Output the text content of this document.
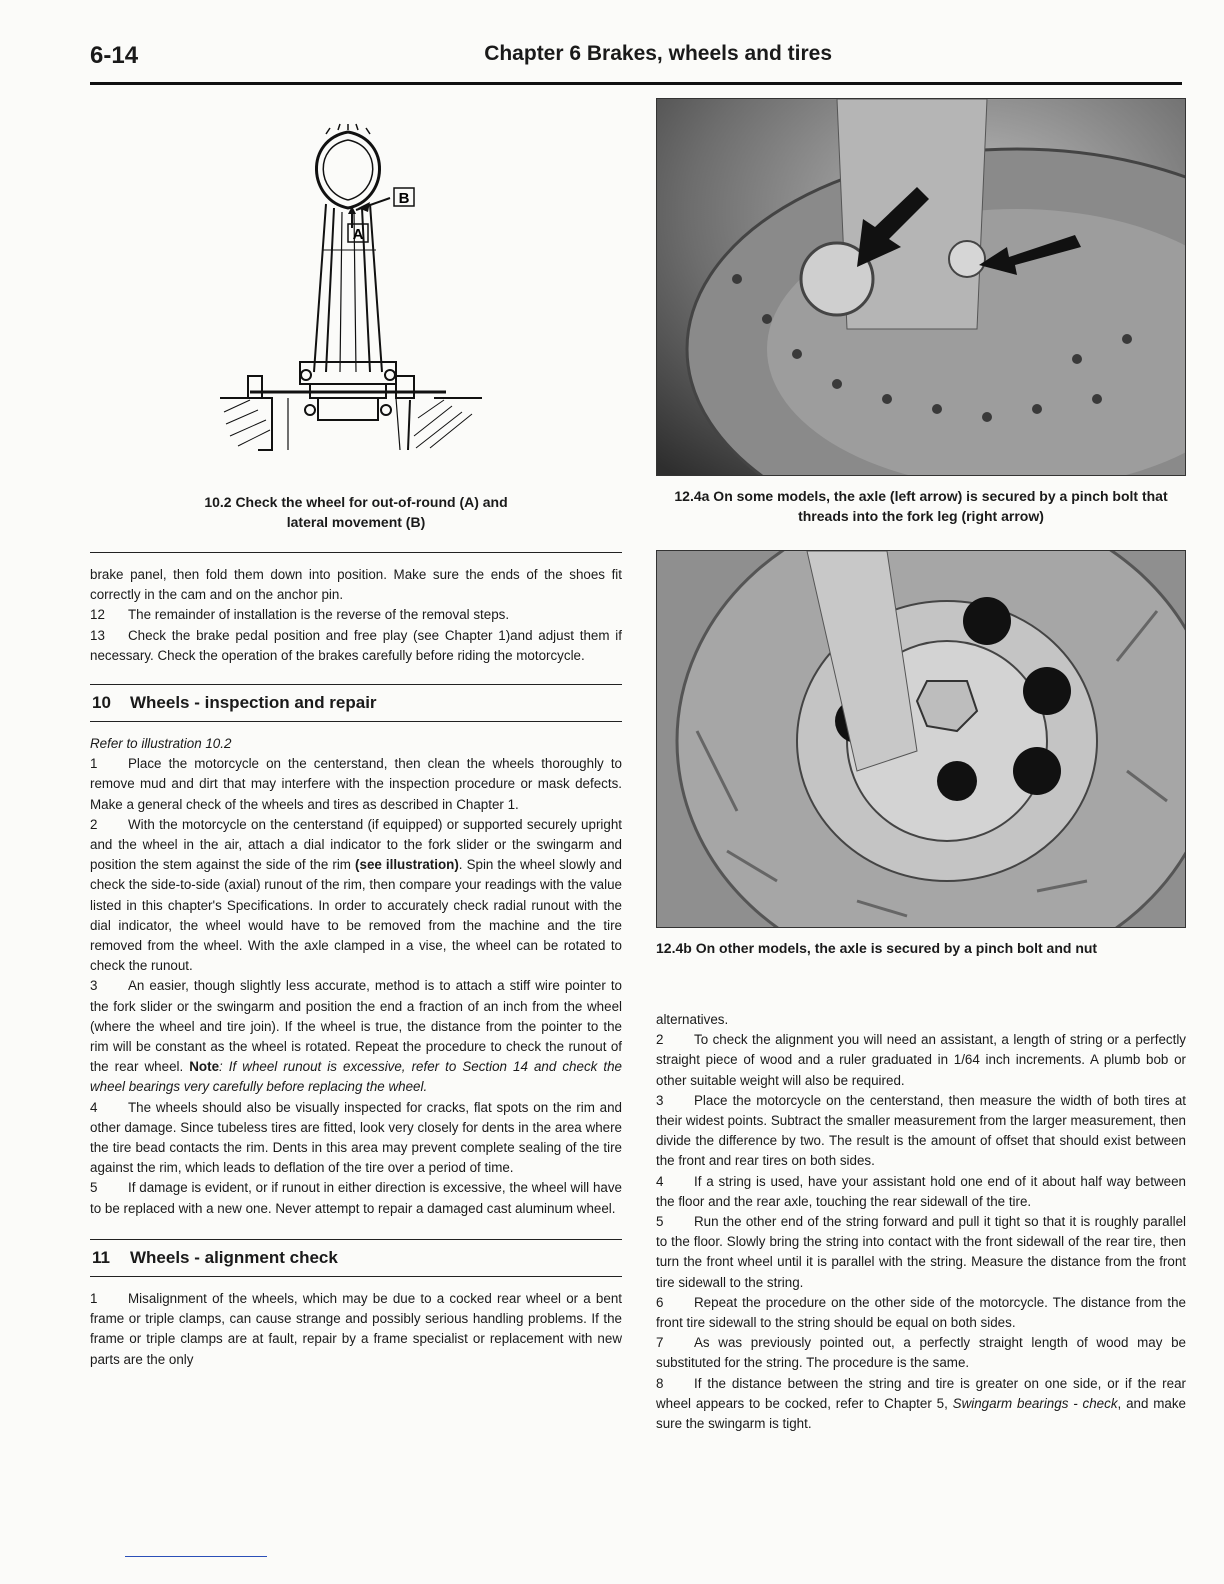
6-14	Chapter 6 Brakes, wheels and tires
B
A
10.2 Check the wheel for out-of-round (A) and
lateral movement (B)

brake panel, then fold them down into position. Make sure the ends of the shoes fit correctly in the cam and on the anchor pin.

12 The remainder of installation is the reverse of the removal steps.

13 Check the brake pedal position and free play (see Chapter 1)and adjust them if necessary. Check the operation of the brakes carefully before riding the motorcycle.

10 Wheels - inspection and repair

Refer to illustration 10.2

1 Place the motorcycle on the centerstand, then clean the wheels thoroughly to remove mud and dirt that may interfere with the inspection procedure or mask defects. Make a general check of the wheels and tires as described in Chapter 1.

2 With the motorcycle on the centerstand (if equipped) or supported securely upright and the wheel in the air, attach a dial indicator to the fork slider or the swingarm and position the stem against the side of the rim (see illustration). Spin the wheel slowly and check the side-to-side (axial) runout of the rim, then compare your readings with the value listed in this chapter's Specifications. In order to accurately check radial runout with the dial indicator, the wheel would have to be removed from the machine and the tire removed from the wheel. With the axle clamped in a vise, the wheel can be rotated to check the runout.

3 An easier, though slightly less accurate, method is to attach a stiff wire pointer to the fork slider or the swingarm and position the end a fraction of an inch from the wheel (where the wheel and tire join). If the wheel is true, the distance from the pointer to the rim will be constant as the wheel is rotated. Repeat the procedure to check the runout of the rear wheel. Note: If wheel runout is excessive, refer to Section 14 and check the wheel bearings very carefully before replacing the wheel.

4 The wheels should also be visually inspected for cracks, flat spots on the rim and other damage. Since tubeless tires are fitted, look very closely for dents in the area where the tire bead contacts the rim. Dents in this area may prevent complete sealing of the tire against the rim, which leads to deflation of the tire over a period of time.

5 If damage is evident, or if runout in either direction is excessive, the wheel will have to be replaced with a new one. Never attempt to repair a damaged cast aluminum wheel.

11 Wheels - alignment check

1 Misalignment of the wheels, which may be due to a cocked rear wheel or a bent frame or triple clamps, can cause strange and possibly serious handling problems. If the frame or triple clamps are at fault, repair by a frame specialist or replacement with new parts are the only

12.4a On some models, the axle (left arrow) is secured by a pinch bolt that threads into the fork leg (right arrow)
12.4b On other models, the axle is secured by a pinch bolt and nut

alternatives.

2 To check the alignment you will need an assistant, a length of string or a perfectly straight piece of wood and a ruler graduated in 1/64 inch increments. A plumb bob or other suitable weight will also be required.

3 Place the motorcycle on the centerstand, then measure the width of both tires at their widest points. Subtract the smaller measurement from the larger measurement, then divide the difference by two. The result is the amount of offset that should exist between the front and rear tires on both sides.

4 If a string is used, have your assistant hold one end of it about half way between the floor and the rear axle, touching the rear sidewall of the tire.

5 Run the other end of the string forward and pull it tight so that it is roughly parallel to the floor. Slowly bring the string into contact with the front sidewall of the rear tire, then turn the front wheel until it is parallel with the string. Measure the distance from the front tire sidewall to the string.

6 Repeat the procedure on the other side of the motorcycle. The distance from the front tire sidewall to the string should be equal on both sides.

7 As was previously pointed out, a perfectly straight length of wood may be substituted for the string. The procedure is the same.

8 If the distance between the string and tire is greater on one side, or if the rear wheel appears to be cocked, refer to Chapter 5, Swingarm bearings - check, and make sure the swingarm is tight.
